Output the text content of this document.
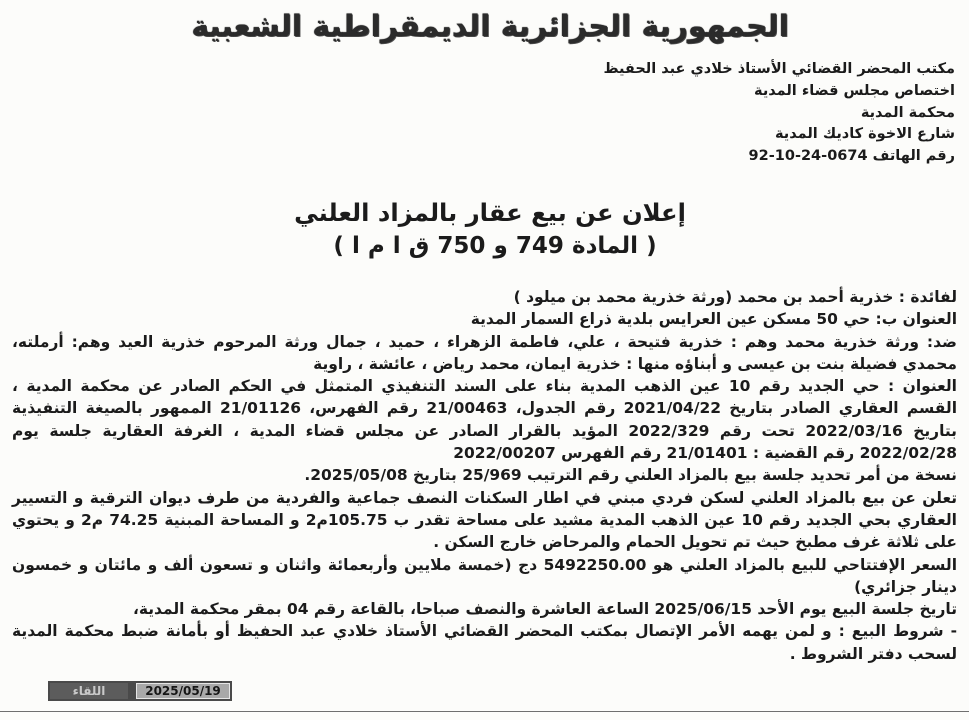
الجمهورية الجزائرية الديمقراطية الشعبية
مكتب المحضر القضائي الأستاذ خلادي عبد الحفيظ
اختصاص مجلس قضاء المدية
محكمة المدية
شارع الاخوة كاديك المدية
رقم الهاتف 0674-24-10-92
إعلان عن بيع عقار بالمزاد العلني
( المادة 749 و 750 ق ا م ا )
لفائدة : خذرية أحمد بن محمد (ورثة خذرية محمد بن ميلود )
العنوان ب: حي 50 مسكن عين العرايس بلدية ذراع السمار المدية
ضد: ورثة خذرية محمد وهم : خذرية فتيحة ، علي، فاطمة الزهراء ، حميد ، جمال ورثة المرحوم خذرية العيد وهم: أرملته،
محمدي فضيلة بنت بن عيسى و أبناؤه منها : خذرية ايمان، محمد رياض ، عائشة ، راوية
العنوان : حي الجديد رقم 10 عين الذهب المدية بناء على السند التنفيذي المتمثل في الحكم الصادر عن محكمة المدية ،
القسم العقاري الصادر بتاريخ 2021/04/22 رقم الجدول، 21/00463 رقم الفهرس، 21/01126 الممهور بالصيغة التنفيذية
بتاريخ 2022/03/16 تحت رقم 2022/329 المؤيد بالقرار الصادر عن مجلس قضاء المدية ، الغرفة العقارية جلسة يوم
2022/02/28 رقم القضية : 21/01401 رقم الفهرس 2022/00207
نسخة من أمر تحديد جلسة بيع بالمزاد العلني رقم الترتيب 25/969 بتاريخ 2025/05/08.
تعلن عن بيع بالمزاد العلني لسكن فردي مبني في اطار السكنات النصف جماعية والفردية من طرف ديوان الترقية و التسيير
العقاري بحي الجديد رقم 10 عين الذهب المدية مشيد على مساحة تقدر ب 105.75م2 و المساحة المبنية 74.25 م2 و يحتوي
على ثلاثة غرف مطبخ حيث تم تحويل الحمام والمرحاض خارج السكن .
السعر الإفتتاحي للبيع بالمزاد العلني هو 5492250.00 دج (خمسة ملايين وأربعمائة واثنان و تسعون ألف و مائتان و خمسون
دينار جزائري)
تاريخ جلسة البيع يوم الأحد 2025/06/15 الساعة العاشرة والنصف صباحا، بالقاعة رقم 04 بمقر محكمة المدية،
- شروط البيع : و لمن يهمه الأمر الإتصال بمكتب المحضر القضائي الأستاذ خلادي عبد الحفيظ أو بأمانة ضبط محكمة المدية
لسحب دفتر الشروط .
اللقاء	2025/05/19
